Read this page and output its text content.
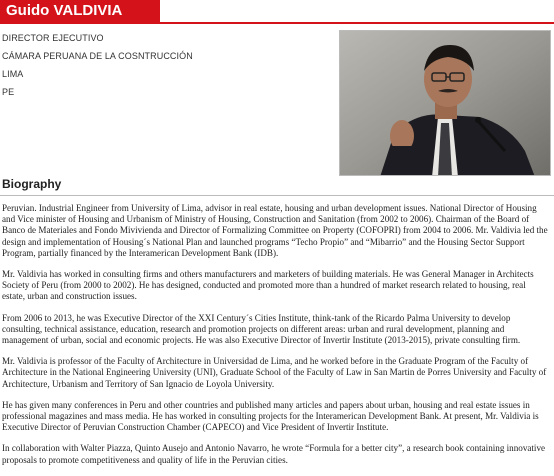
Guido VALDIVIA
DIRECTOR EJECUTIVO
CÁMARA PERUANA DE LA COSNTRUCCIÓN
LIMA
PE
Biography

Peruvian. Industrial Engineer from University of Lima, advisor in real estate, housing and urban development issues. National Director of Housing and Vice minister of Housing and Urbanism of Ministry of Housing, Construction and Sanitation (from 2002 to 2006). Chairman of the Board of Banco de Materiales and Fondo Mivivienda and Director of Formalizing Committee on Property (COFOPRI) from 2004 to 2006. Mr. Valdivia led the design and implementation of Housing´s National Plan and launched programs “Techo Propio” and “Mibarrio” and the Housing Sector Support Program, partially financed by the Interamerican Development Bank (IDB).

Mr. Valdivia has worked in consulting firms and others manufacturers and marketers of building materials. He was General Manager in Architects Society of Peru (from 2000 to 2002). He has designed, conducted and promoted more than a hundred of market research related to housing, real estate, urban and construction issues.

From 2006 to 2013, he was Executive Director of the XXI Century´s Cities Institute, think-tank of the Ricardo Palma University to develop consulting, technical assistance, education, research and promotion projects on different areas: urban and rural development, planning and management of urban, social and economic projects. He was also Executive Director of Invertir Institute (2013-2015), private consulting firm.

Mr. Valdivia is professor of the Faculty of Architecture in Universidad de Lima, and he worked before in the Graduate Program of the Faculty of Architecture in the National Engineering University (UNI), Graduate School of the Faculty of Law in San Martin de Porres University and Faculty of Architecture, Urbanism and Territory of San Ignacio de Loyola University.

He has given many conferences in Peru and other countries and published many articles and papers about urban, housing and real estate issues in professional magazines and mass media. He has worked in consulting projects for the Interamerican Development Bank. At present, Mr. Valdivia is Executive Director of Peruvian Construction Chamber (CAPECO) and Vice President of Invertir Institute.

In collaboration with Walter Piazza, Quinto Ausejo and Antonio Navarro, he wrote “Formula for a better city”, a research book containing innovative proposals to promote competitiveness and quality of life in the Peruvian cities.
